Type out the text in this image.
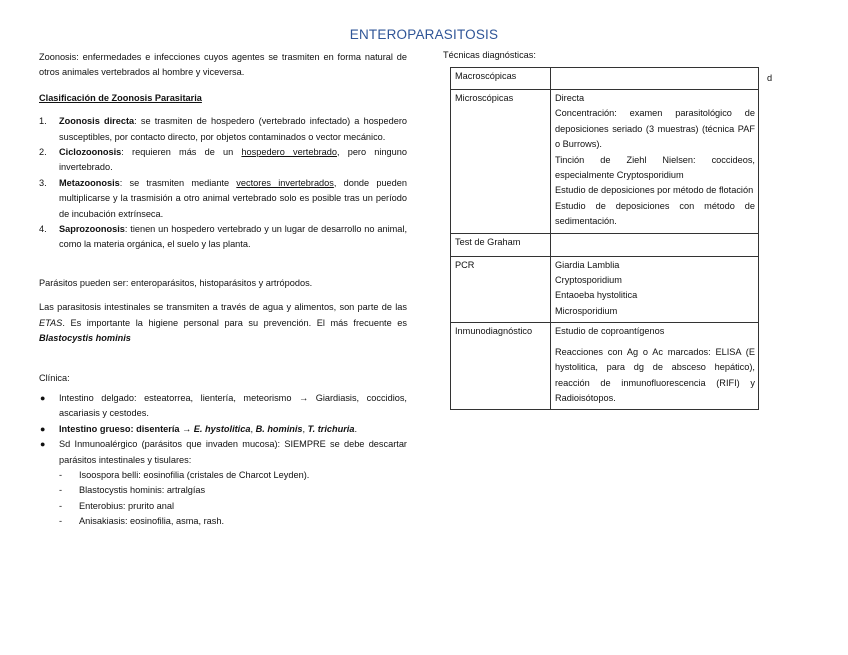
ENTEROPARASITOSIS

Zoonosis: enfermedades e infecciones cuyos agentes se trasmiten en forma natural de otros animales vertebrados al hombre y viceversa.

Clasificación de Zoonosis Parasitaria

1. Zoonosis directa: se trasmiten de hospedero (vertebrado infectado) a hospedero susceptibles, por contacto directo, por objetos contaminados o vector mecánico.
2. Ciclozoonosis: requieren más de un hospedero vertebrado, pero ninguno invertebrado.
3. Metazoonosis: se trasmiten mediante vectores invertebrados, donde pueden multiplicarse y la trasmisión a otro animal vertebrado solo es posible tras un período de incubación extrínseca.
4. Saprozoonosis: tienen un hospedero vertebrado y un lugar de desarrollo no animal, como la materia orgánica, el suelo y las planta.

Parásitos pueden ser: enteroparásitos, histoparásitos y artrópodos.

Las parasitosis intestinales se transmiten a través de agua y alimentos, son parte de las ETAS. Es importante la higiene personal para su prevención. El más frecuente es Blastocystis hominis

Clínica:

● Intestino delgado: esteatorrea, lientería, meteorismo → Giardiasis, coccidios, ascariasis y cestodes.
● Intestino grueso: disentería → E. hystolitica, B. hominis, T. trichuria.
● Sd Inmunoalérgico (parásitos que invaden mucosa): SIEMPRE se debe descartar parásitos intestinales y tisulares:
- Isoospora belli: eosinofilia (cristales de Charcot Leyden).
- Blastocystis hominis: artralgías
- Enterobius: prurito anal
- Anisakiasis: eosinofilia, asma, rash.
Técnicas diagnósticas:
d
Macroscópicas	
Microscópicas	Directa
Concentración: examen parasitológico de deposiciones seriado (3 muestras) (técnica PAF o Burrows).
Tinción de Ziehl Nielsen: coccideos, especialmente Cryptosporidium
Estudio de deposiciones por método de flotación
Estudio de deposiciones con método de sedimentación.

Test de Graham	
PCR	Giardia Lamblia
Cryptosporidium
Entaoeba hystolitica
Microsporidium

Inmunodiagnóstico	Estudio de coproantígenos
Reacciones con Ag o Ac marcados: ELISA (E hystolitica, para dg de absceso hepático), reacción de inmunofluorescencia (RIFI) y Radioisótopos.
